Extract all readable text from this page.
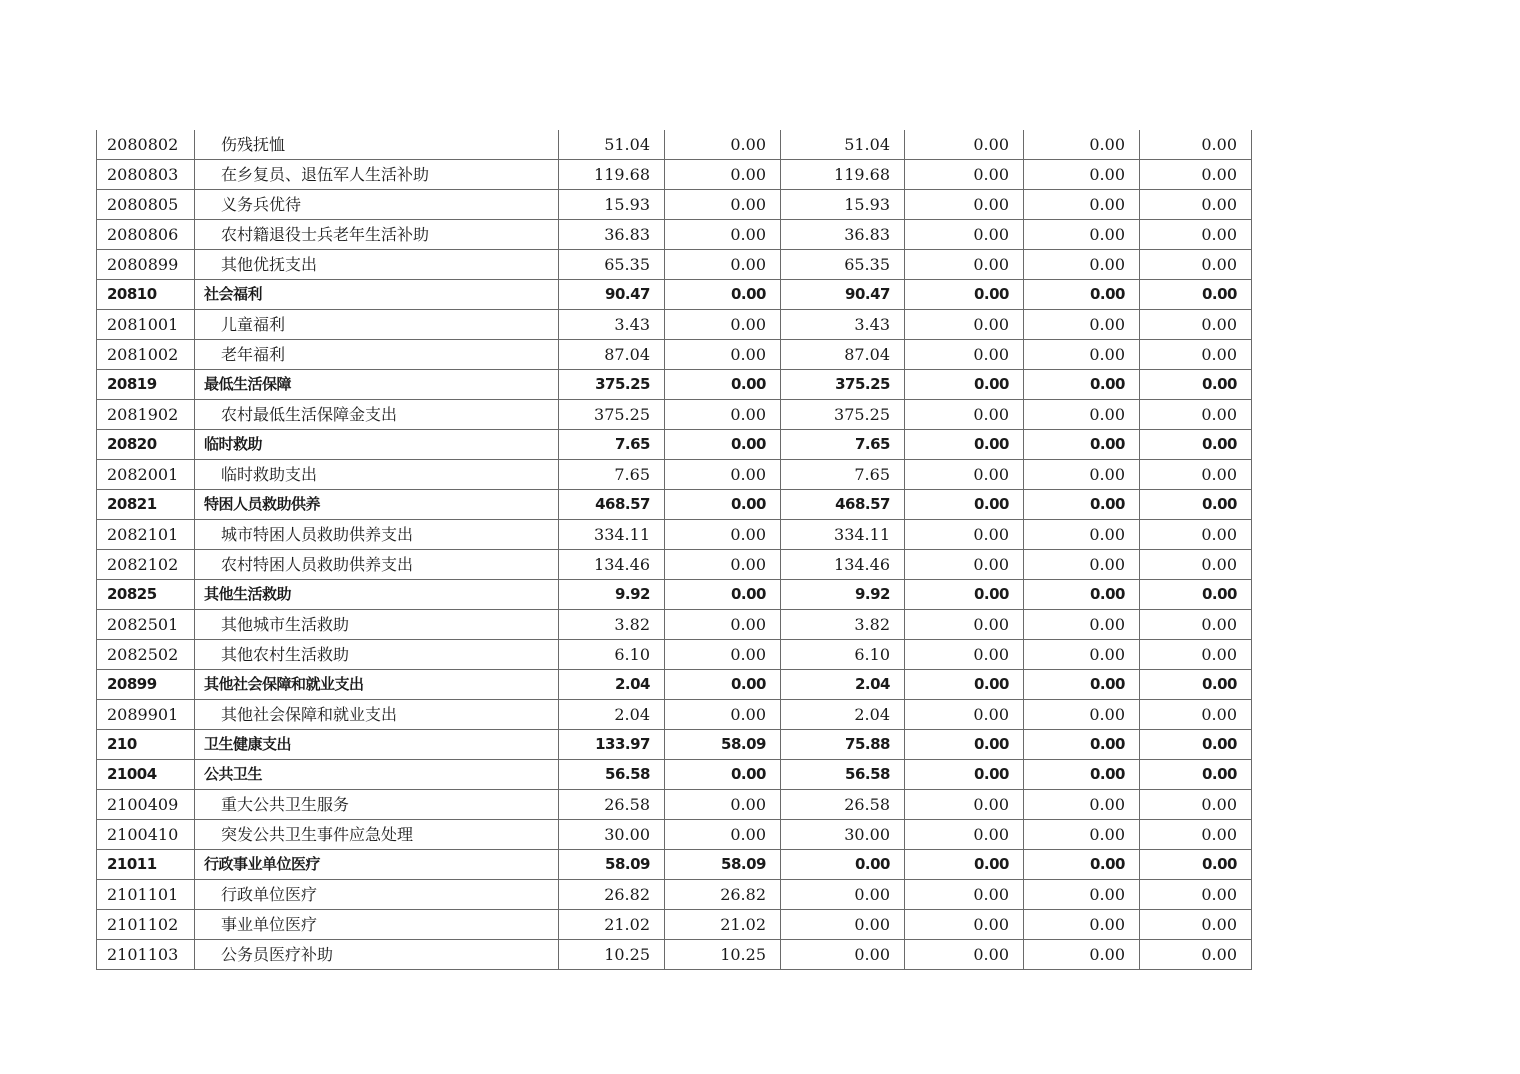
2080802	伤残抚恤	51.04	0.00	51.04	0.00	0.00	0.00
2080803	在乡复员、退伍军人生活补助	119.68	0.00	119.68	0.00	0.00	0.00
2080805	义务兵优待	15.93	0.00	15.93	0.00	0.00	0.00
2080806	农村籍退役士兵老年生活补助	36.83	0.00	36.83	0.00	0.00	0.00
2080899	其他优抚支出	65.35	0.00	65.35	0.00	0.00	0.00
20810	社会福利	90.47	0.00	90.47	0.00	0.00	0.00
2081001	儿童福利	3.43	0.00	3.43	0.00	0.00	0.00
2081002	老年福利	87.04	0.00	87.04	0.00	0.00	0.00
20819	最低生活保障	375.25	0.00	375.25	0.00	0.00	0.00
2081902	农村最低生活保障金支出	375.25	0.00	375.25	0.00	0.00	0.00
20820	临时救助	7.65	0.00	7.65	0.00	0.00	0.00
2082001	临时救助支出	7.65	0.00	7.65	0.00	0.00	0.00
20821	特困人员救助供养	468.57	0.00	468.57	0.00	0.00	0.00
2082101	城市特困人员救助供养支出	334.11	0.00	334.11	0.00	0.00	0.00
2082102	农村特困人员救助供养支出	134.46	0.00	134.46	0.00	0.00	0.00
20825	其他生活救助	9.92	0.00	9.92	0.00	0.00	0.00
2082501	其他城市生活救助	3.82	0.00	3.82	0.00	0.00	0.00
2082502	其他农村生活救助	6.10	0.00	6.10	0.00	0.00	0.00
20899	其他社会保障和就业支出	2.04	0.00	2.04	0.00	0.00	0.00
2089901	其他社会保障和就业支出	2.04	0.00	2.04	0.00	0.00	0.00
210	卫生健康支出	133.97	58.09	75.88	0.00	0.00	0.00
21004	公共卫生	56.58	0.00	56.58	0.00	0.00	0.00
2100409	重大公共卫生服务	26.58	0.00	26.58	0.00	0.00	0.00
2100410	突发公共卫生事件应急处理	30.00	0.00	30.00	0.00	0.00	0.00
21011	行政事业单位医疗	58.09	58.09	0.00	0.00	0.00	0.00
2101101	行政单位医疗	26.82	26.82	0.00	0.00	0.00	0.00
2101102	事业单位医疗	21.02	21.02	0.00	0.00	0.00	0.00
2101103	公务员医疗补助	10.25	10.25	0.00	0.00	0.00	0.00
